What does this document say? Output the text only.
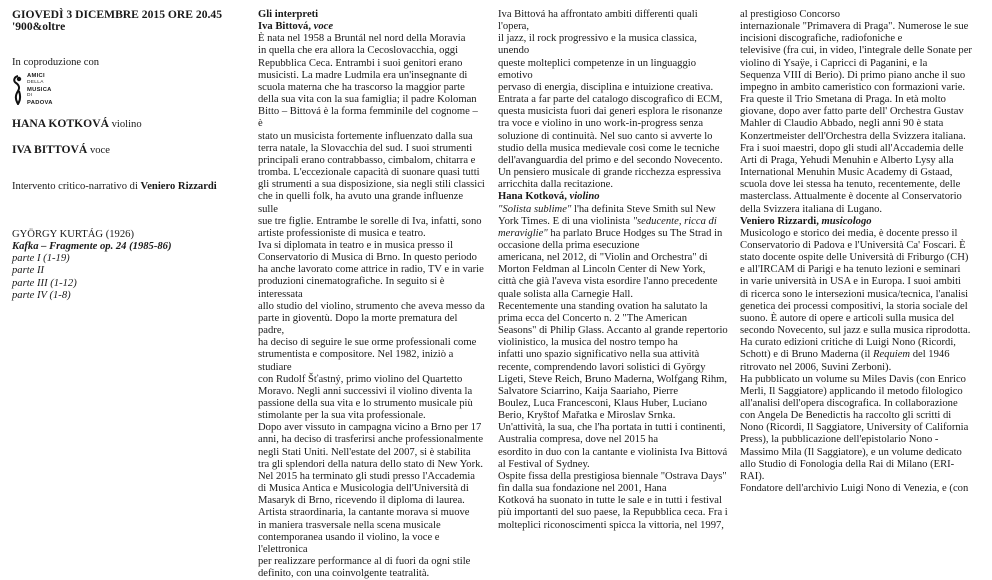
GIOVEDÌ 3 DICEMBRE 2015 ORE 20.45

'900&oltre

In coproduzione con

AMICI
DELLA
MUSICA
DI
PADOVA

HANA KOTKOVÁ violino

IVA BITTOVÁ voce

Intervento critico-narrativo di Veniero Rizzardi

GYÖRGY KURTÁG (1926)

Kafka – Fragmente op. 24 (1985-86)

parte I (1-19)

parte II

parte III (1-12)

parte IV (1-8)

Gli interpreti

Iva Bittová, voce

È nata nel 1958 a Bruntál nel nord della Moravia

in quella che era allora la Cecoslovacchia, oggi

Repubblica Ceca. Entrambi i suoi genitori erano

musicisti. La madre Ludmila era un'insegnante di

scuola materna che ha trascorso la maggior parte

della sua vita con la sua famiglia; il padre Koloman

Bitto – Bittová è la forma femminile del cognome – è

stato un musicista fortemente influenzato dalla sua

terra natale, la Slovacchia del sud. I suoi strumenti

principali erano contrabbasso, cimbalom, chitarra e

tromba. L'eccezionale capacità di suonare quasi tutti

gli strumenti a sua disposizione, sia negli stili classici

che in quelli folk, ha avuto una grande influenze sulle

sue tre figlie. Entrambe le sorelle di Iva, infatti, sono

artiste professioniste di musica e teatro.

Iva si diplomata in teatro e in musica presso il

Conservatorio di Musica di Brno. In questo periodo

ha anche lavorato come attrice in radio, TV e in varie

produzioni cinematografiche. In seguito si è interessata

allo studio del violino, strumento che aveva messo da

parte in gioventù. Dopo la morte prematura del padre,

ha deciso di seguire le sue orme professionali come

strumentista e compositore. Nel 1982, iniziò a studiare

con Rudolf Šťastný, primo violino del Quartetto

Moravo. Negli anni successivi il violino diventa la

passione della sua vita e lo strumento musicale più

stimolante per la sua vita professionale.

Dopo aver vissuto in campagna vicino a Brno per 17

anni, ha deciso di trasferirsi anche professionalmente

negli Stati Uniti. Nell'estate del 2007, si è stabilita

tra gli splendori della natura dello stato di New York.

Nel 2015 ha terminato gli studi presso l'Accademia

di Musica Antica e Musicologia dell'Università di

Masaryk di Brno, ricevendo il diploma di laurea.

Artista straordinaria, la cantante morava si muove

in maniera trasversale nella scena musicale

contemporanea usando il violino, la voce e l'elettronica

per realizzare performance al di fuori da ogni stile

definito, con una coinvolgente teatralità.

Iva Bittová ha affrontato ambiti differenti quali l'opera,

il jazz, il rock progressivo e la musica classica, unendo

queste molteplici competenze in un linguaggio emotivo

pervaso di energia, disciplina e intuizione creativa.

Entrata a far parte del catalogo discografico di ECM,

questa musicista fuori dai generi esplora le risonanze

tra voce e violino in uno work-in-progress senza

soluzione di continuità. Nel suo canto si avverte lo

studio della musica medievale così come le tecniche

dell'avanguardia del primo e del secondo Novecento.

Un pensiero musicale di grande ricchezza espressiva

arricchita dalla recitazione.

Hana Kotková, violino

"Solista sublime" l'ha definita Steve Smith sul New

York Times. E di una violinista "seducente, ricca di

meraviglie" ha parlato Bruce Hodges su The Strad in

occasione della prima esecuzione

americana, nel 2012, di "Violin and Orchestra" di

Morton Feldman al Lincoln Center di New York,

città che già l'aveva vista esordire l'anno precedente

quale solista alla Carnegie Hall.

Recentemente una standing ovation ha salutato la

prima ecca del Concerto n. 2 "The American

Seasons" di Philip Glass. Accanto al grande repertorio

violinistico, la musica del nostro tempo ha

infatti uno spazio significativo nella sua attività

recente, comprendendo lavori solistici di György

Ligeti, Steve Reich, Bruno Maderna, Wolfgang Rihm,

Salvatore Sciarrino, Kaija Saariaho, Pierre

Boulez, Luca Francesconi, Klaus Huber, Luciano

Berio, Kryštof Mařatka e Miroslav Srnka.

Un'attività, la sua, che l'ha portata in tutti i continenti,

Australia compresa, dove nel 2015 ha

esordito in duo con la cantante e violinista Iva Bittová

al Festival of Sydney.

Ospite fissa della prestigiosa biennale "Ostrava Days"

fin dalla sua fondazione nel 2001, Hana

Kotková ha suonato in tutte le sale e in tutti i festival

più importanti del suo paese, la Repubblica ceca. Fra i

molteplici riconoscimenti spicca la vittoria, nel 1997,

al prestigioso Concorso

internazionale "Primavera di Praga". Numerose le sue

incisioni discografiche, radiofoniche e

televisive (fra cui, in video, l'integrale delle Sonate per

violino di Ysaÿe, i Capricci di Paganini, e la

Sequenza VIII di Berio). Di primo piano anche il suo

impegno in ambito cameristico con formazioni varie.

Fra queste il Trio Smetana di Praga. In età molto

giovane, dopo aver fatto parte dell' Orchestra Gustav

Mahler di Claudio Abbado, negli anni 90 è stata

Konzertmeister dell'Orchestra della Svizzera italiana.

Fra i suoi maestri, dopo gli studi all'Accademia delle

Arti di Praga, Yehudi Menuhin e Alberto Lysy alla

International Menuhin Music Academy di Gstaad,

scuola dove lei stessa ha tenuto, recentemente, delle

masterclass. Attualmente è docente al Conservatorio

della Svizzera italiana di Lugano.

Veniero Rizzardi, musicologo

Musicologo e storico dei media, è docente presso il

Conservatorio di Padova e l'Università Ca' Foscari. È

stato docente ospite delle Università di Friburgo (CH)

e all'IRCAM di Parigi e ha tenuto lezioni e seminari

in varie università in USA e in Europa. I suoi ambiti

di ricerca sono le intersezioni musica/tecnica, l'analisi

genetica dei processi compositivi, la storia sociale del

suono. È autore di opere e articoli sulla musica del

secondo Novecento, sul jazz e sulla musica riprodotta.

Ha curato edizioni critiche di Luigi Nono (Ricordi,

Schott) e di Bruno Maderna (il

Requiem del 1946

ritrovato nel 2006, Suvini Zerboni).

Ha pubblicato un volume su Miles Davis (con Enrico

Merli, Il Saggiatore) applicando il metodo filologico

all'analisi dell'opera discografica. In collaborazione

con Angela De Benedictis ha raccolto gli scritti di

Nono (Ricordi, Il Saggiatore, University of California

Press), la pubblicazione dell'epistolario Nono -

Massimo Mila (Il Saggiatore), e un volume dedicato

allo Studio di Fonologia della Rai di Milano (ERI-

RAI).

Fondatore dell'archivio Luigi Nono di Venezia, e (con
